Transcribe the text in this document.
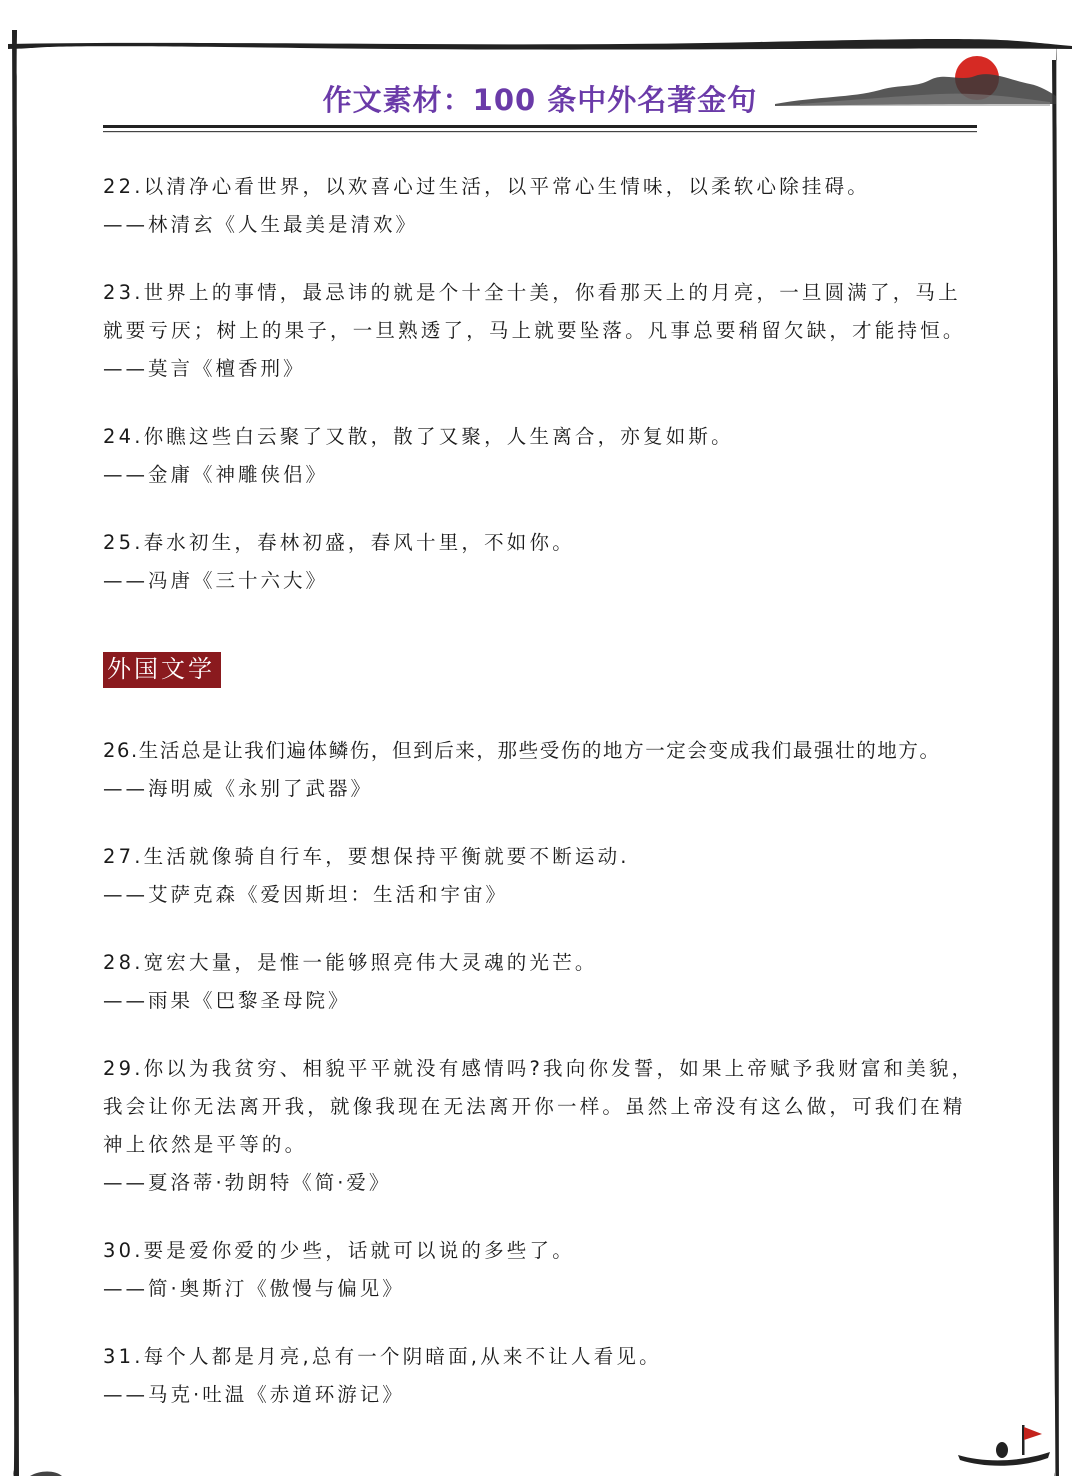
作文素材：100 条中外名著金句

22.以清净心看世界，以欢喜心过生活，以平常心生情味，以柔软心除挂碍。

——林清玄《人生最美是清欢》

23.世界上的事情，最忌讳的就是个十全十美，你看那天上的月亮，一旦圆满了，马上就要亏厌；树上的果子，一旦熟透了，马上就要坠落。凡事总要稍留欠缺，才能持恒。

——莫言《檀香刑》

24.你瞧这些白云聚了又散，散了又聚，人生离合，亦复如斯。

——金庸《神雕侠侣》

25.春水初生，春林初盛，春风十里，不如你。

——冯唐《三十六大》

外国文学

26.生活总是让我们遍体鳞伤，但到后来，那些受伤的地方一定会变成我们最强壮的地方。

——海明威《永别了武器》

27.生活就像骑自行车，要想保持平衡就要不断运动.

——艾萨克森《爱因斯坦：生活和宇宙》

28.宽宏大量，是惟一能够照亮伟大灵魂的光芒。

——雨果《巴黎圣母院》

29.你以为我贫穷、相貌平平就没有感情吗?我向你发誓，如果上帝赋予我财富和美貌，我会让你无法离开我，就像我现在无法离开你一样。虽然上帝没有这么做，可我们在精神上依然是平等的。

——夏洛蒂·勃朗特《简·爱》

30.要是爱你爱的少些，话就可以说的多些了。

——简·奥斯汀《傲慢与偏见》

31.每个人都是月亮,总有一个阴暗面,从来不让人看见。

——马克·吐温《赤道环游记》
